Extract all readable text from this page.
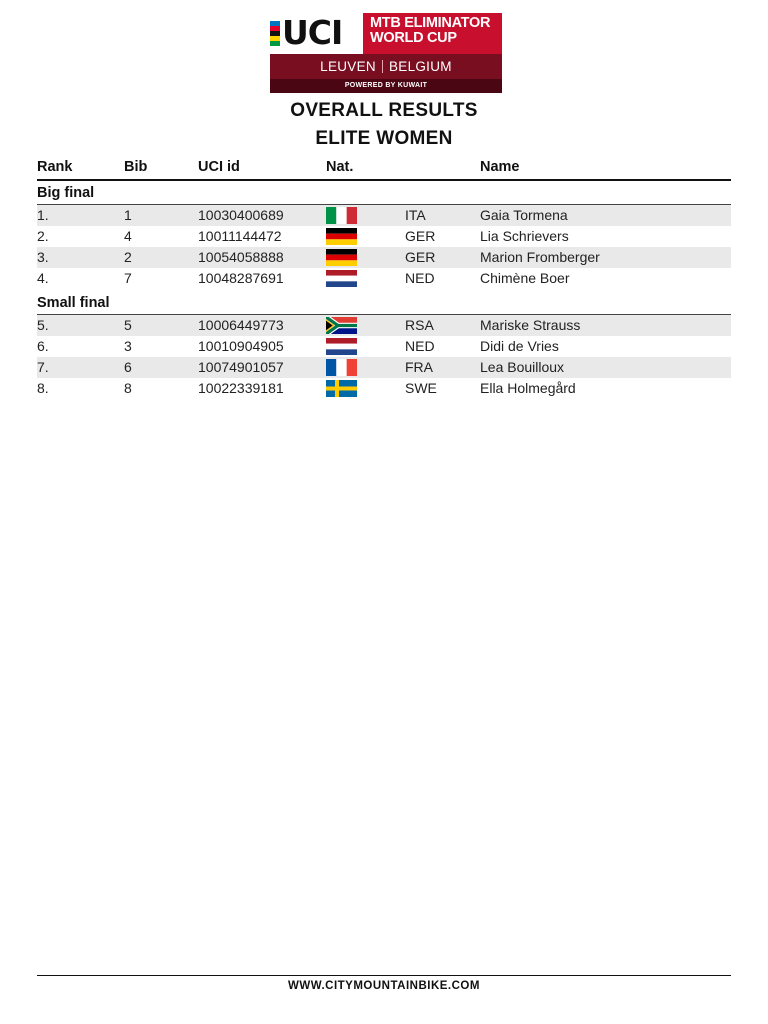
UCI MTB ELIMINATOR
WORLD CUP
LEUVEN BELGIUM
POWERED BY KUWAIT
OVERALL RESULTS
ELITE WOMEN
Rank	Bib	UCI id	Nat.	Name
Big final
1.	1	10030400689	ITA	Gaia Tormena
2.	4	10011144472	GER	Lia Schrievers
3.	2	10054058888	GER	Marion Fromberger
4.	7	10048287691	NED	Chimène Boer
Small final
5.	5	10006449773	RSA	Mariske Strauss
6.	3	10010904905	NED	Didi de Vries
7.	6	10074901057	FRA	Lea Bouilloux
8.	8	10022339181	SWE	Ella Holmegård
WWW.CITYMOUNTAINBIKE.COM
